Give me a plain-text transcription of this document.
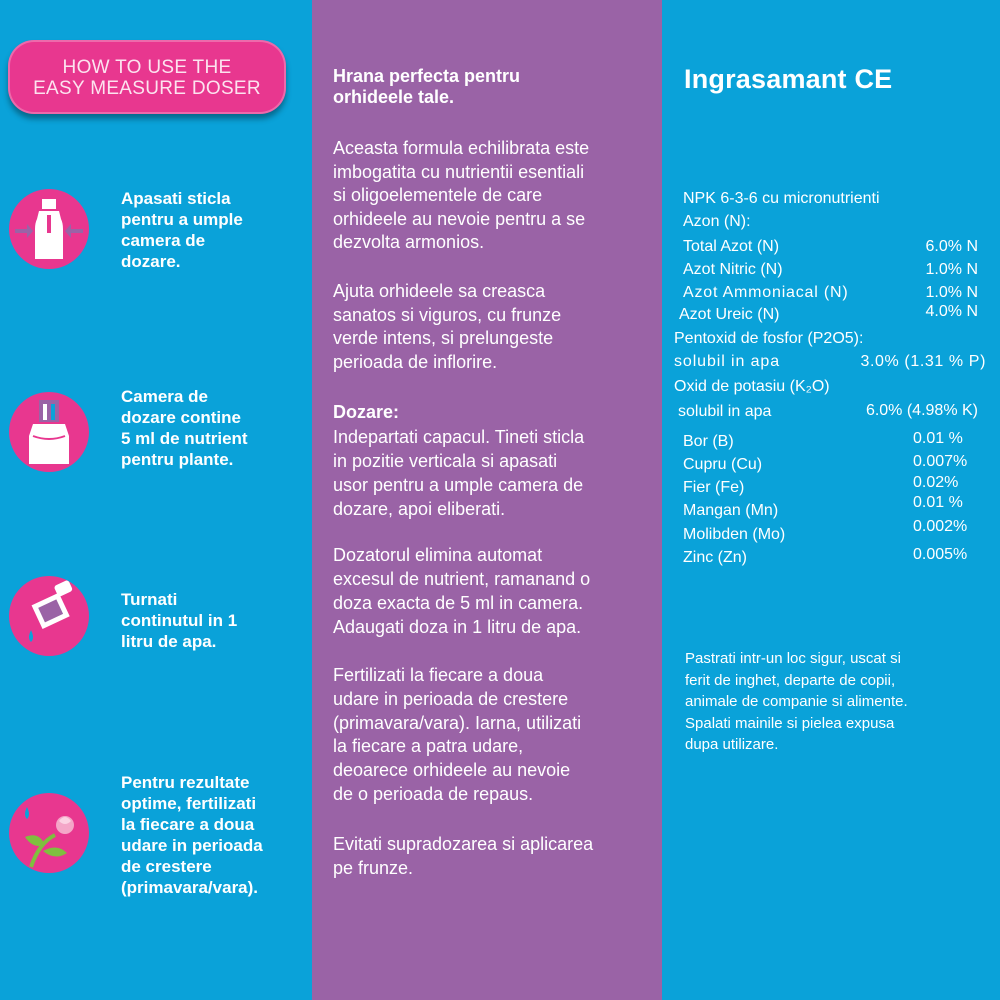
HOW TO USE THE
EASY MEASURE DOSER
Apasati sticla
pentru a umple
camera de
dozare.
Camera de
dozare contine
5 ml de nutrient
pentru plante.
Turnati
continutul in 1
litru de apa.
Pentru rezultate
optime, fertilizati
la fiecare a doua
udare in perioada
de crestere
(primavara/vara).
Hrana perfecta pentru
orhideele tale.
Aceasta formula echilibrata este
imbogatita cu nutrientii esentiali
si oligoelementele de care
orhideele au nevoie pentru a se
dezvolta armonios.
Ajuta orhideele sa creasca
sanatos si viguros, cu frunze
verde intens, si prelungeste
perioada de inflorire.
Dozare:
Indepartati capacul. Tineti sticla
in pozitie verticala si apasati
usor pentru a umple camera de
dozare, apoi eliberati.
Dozatorul elimina automat
excesul de nutrient, ramanand o
doza exacta de 5 ml in camera.
Adaugati doza in 1 litru de apa.
Fertilizati la fiecare a doua
udare in perioada de crestere
(primavara/vara). Iarna, utilizati
la fiecare a patra udare,
deoarece orhideele au nevoie
de o perioada de repaus.
Evitati supradozarea si aplicarea
pe frunze.
Ingrasamant CE
NPK 6-3-6 cu micronutrienti
Azon (N):
Total Azot (N)	6.0% N
Azot Nitric (N)	1.0% N
Azot Ammoniacal (N)	1.0% N
Azot Ureic (N)	4.0% N
Pentoxid de fosfor (P2O5):
solubil in apa	3.0% (1.31 % P)
Oxid de potasiu (K₂O)
solubil in apa	6.0% (4.98% K)
Bor (B)	0.01 %
Cupru (Cu)	0.007%
Fier (Fe)	0.02%
Mangan (Mn)	0.01 %
Molibden (Mo)	0.002%
Zinc (Zn)	0.005%
Pastrati intr-un loc sigur, uscat si
ferit de inghet, departe de copii,
animale de companie si alimente.
Spalati mainile si pielea expusa
dupa utilizare.
